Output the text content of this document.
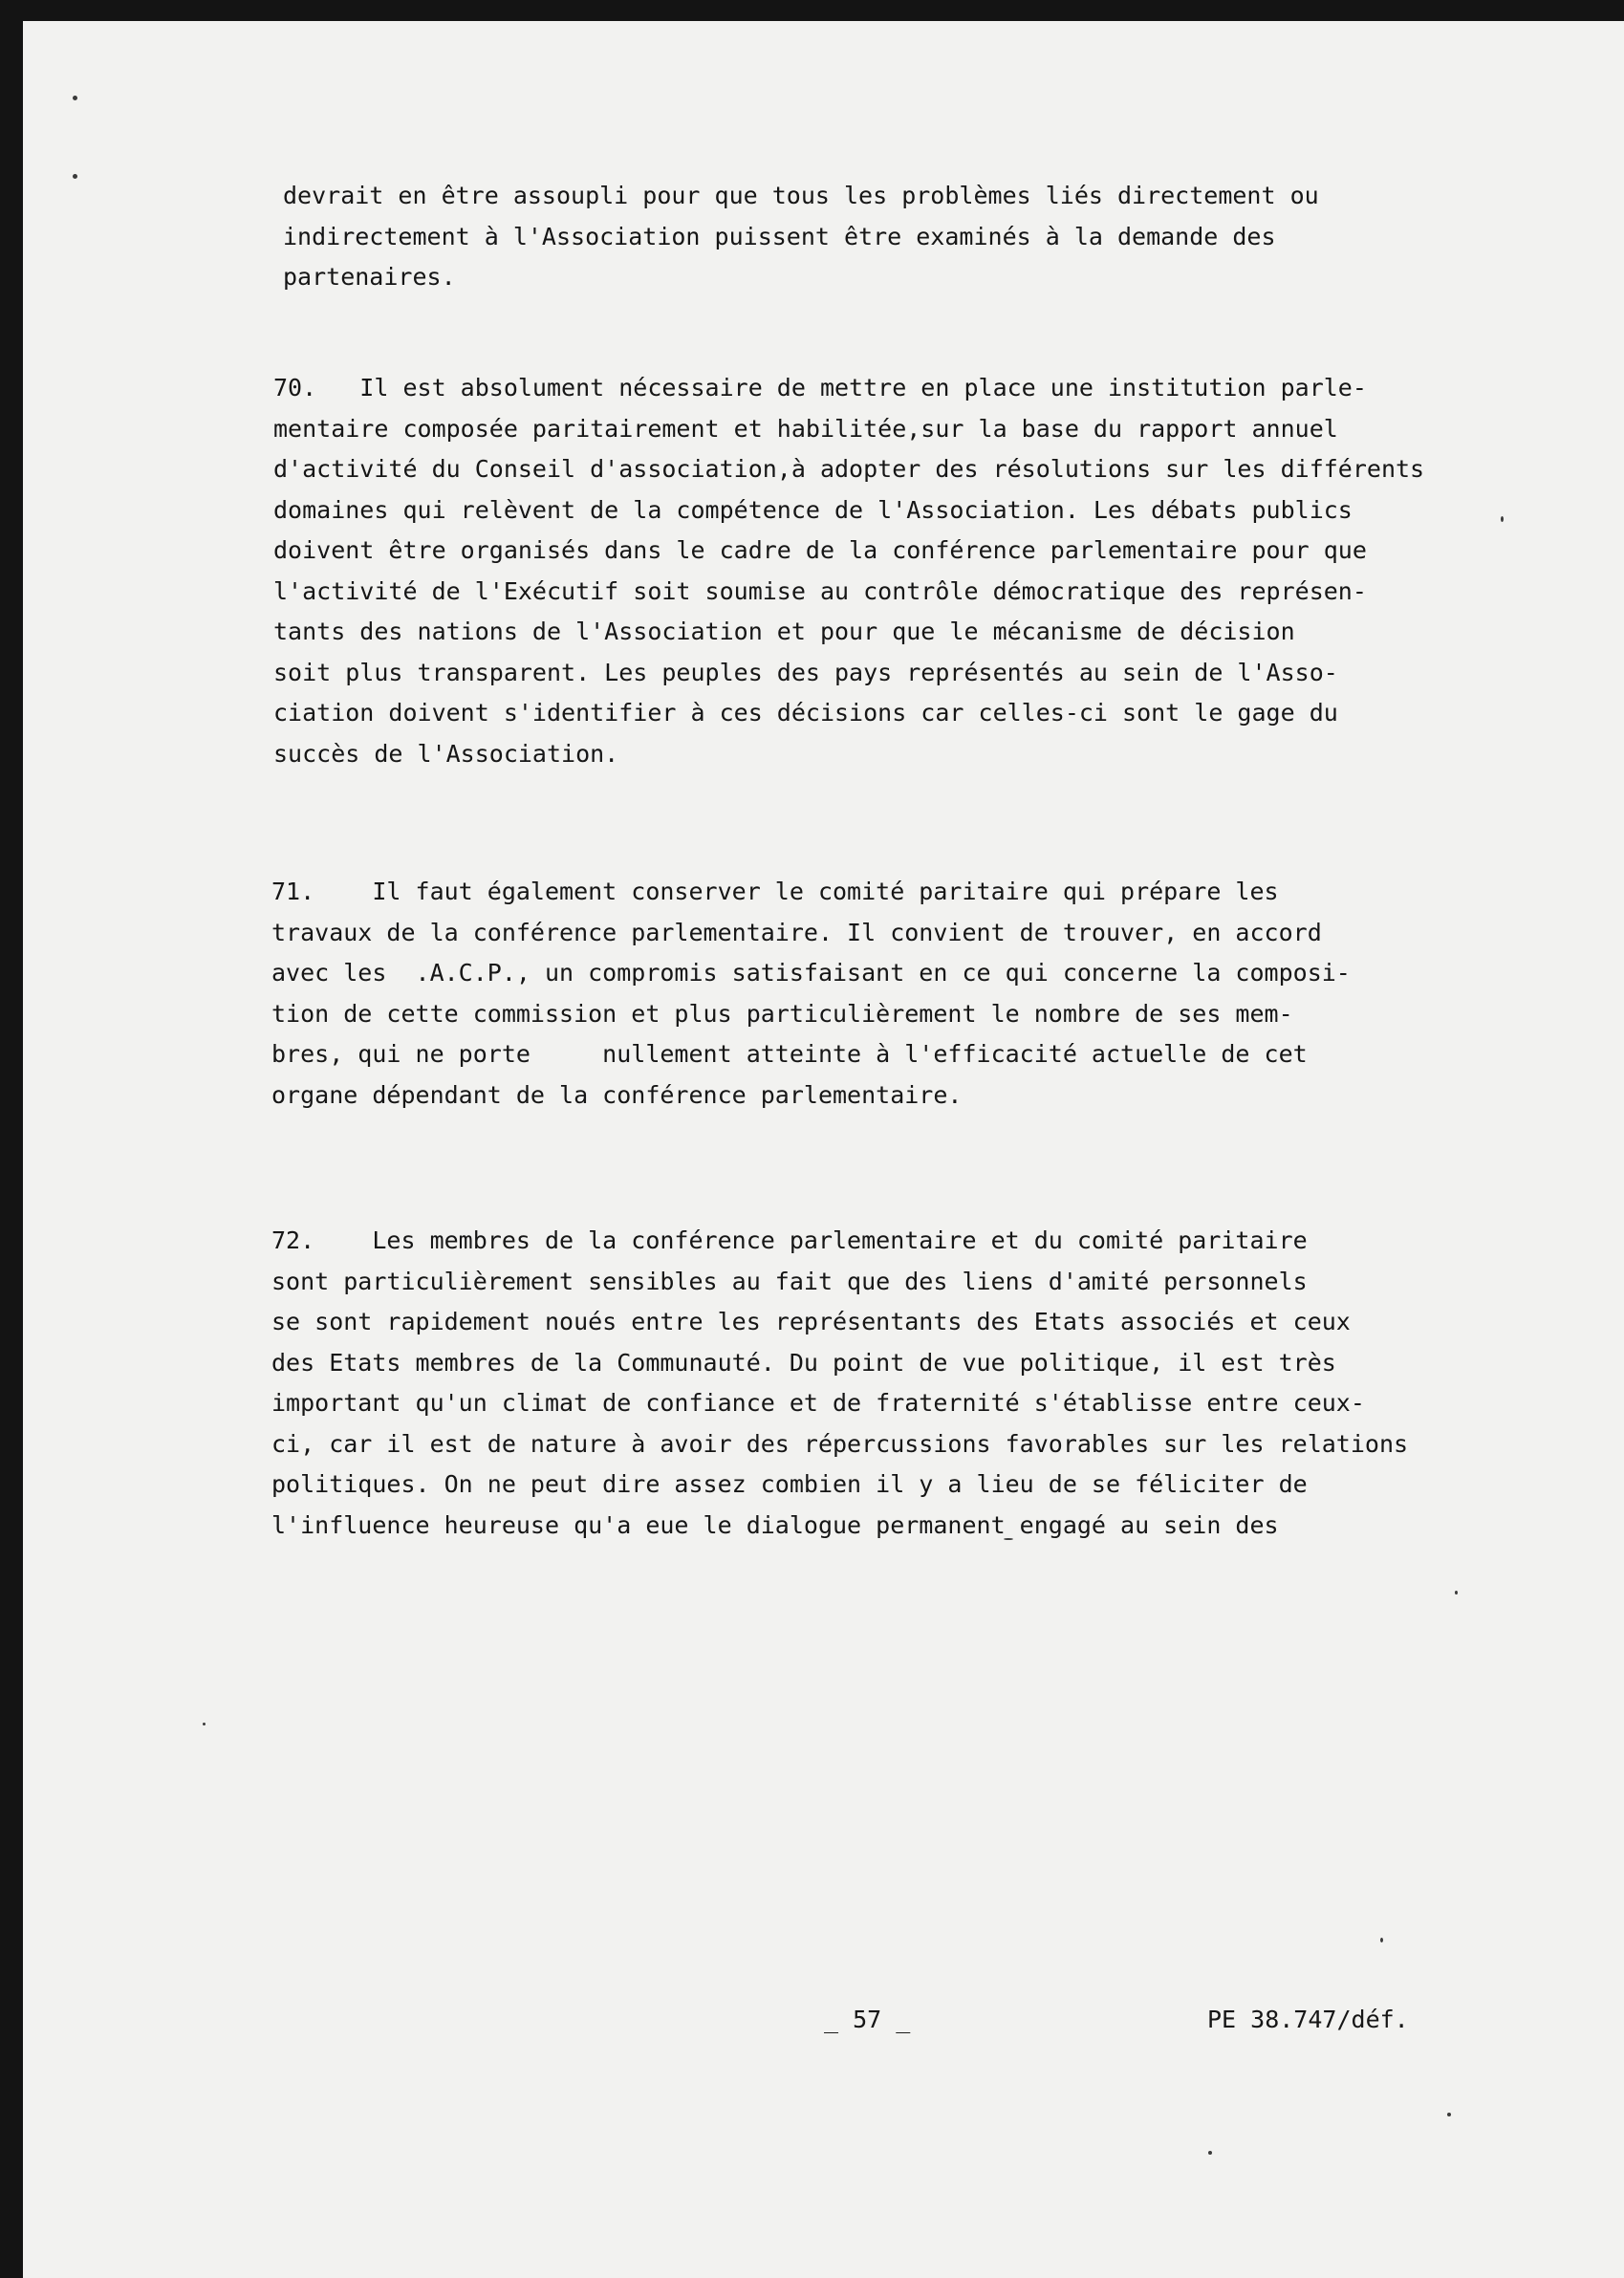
devrait en être assoupli pour que tous les problèmes liés directement ou
indirectement à l'Association puissent être examinés à la demande des
partenaires.

70.   Il est absolument nécessaire de mettre en place une institution parle-
mentaire composée paritairement et habilitée,sur la base du rapport annuel
d'activité du Conseil d'association,à adopter des résolutions sur les différents
domaines qui relèvent de la compétence de l'Association. Les débats publics
doivent être organisés dans le cadre de la conférence parlementaire pour que
l'activité de l'Exécutif soit soumise au contrôle démocratique des représen-
tants des nations de l'Association et pour que le mécanisme de décision
soit plus transparent. Les peuples des pays représentés au sein de l'Asso-
ciation doivent s'identifier à ces décisions car celles-ci sont le gage du
succès de l'Association.

71.    Il faut également conserver le comité paritaire qui prépare les
travaux de la conférence parlementaire. Il convient de trouver, en accord
avec les  .A.C.P., un compromis satisfaisant en ce qui concerne la composi-
tion de cette commission et plus particulièrement le nombre de ses mem-
bres, qui ne porte     nullement atteinte à l'efficacité actuelle de cet
organe dépendant de la conférence parlementaire.

72.    Les membres de la conférence parlementaire et du comité paritaire
sont particulièrement sensibles au fait que des liens d'amité personnels
se sont rapidement noués entre les représentants des Etats associés et ceux
des Etats membres de la Communauté. Du point de vue politique, il est très
important qu'un climat de confiance et de fraternité s'établisse entre ceux-
ci, car il est de nature à avoir des répercussions favorables sur les relations
politiques. On ne peut dire assez combien il y a lieu de se féliciter de
l'influence heureuse qu'a eue le dialogue permanent engagé au sein des

_ 57 _	PE 38.747/déf.
